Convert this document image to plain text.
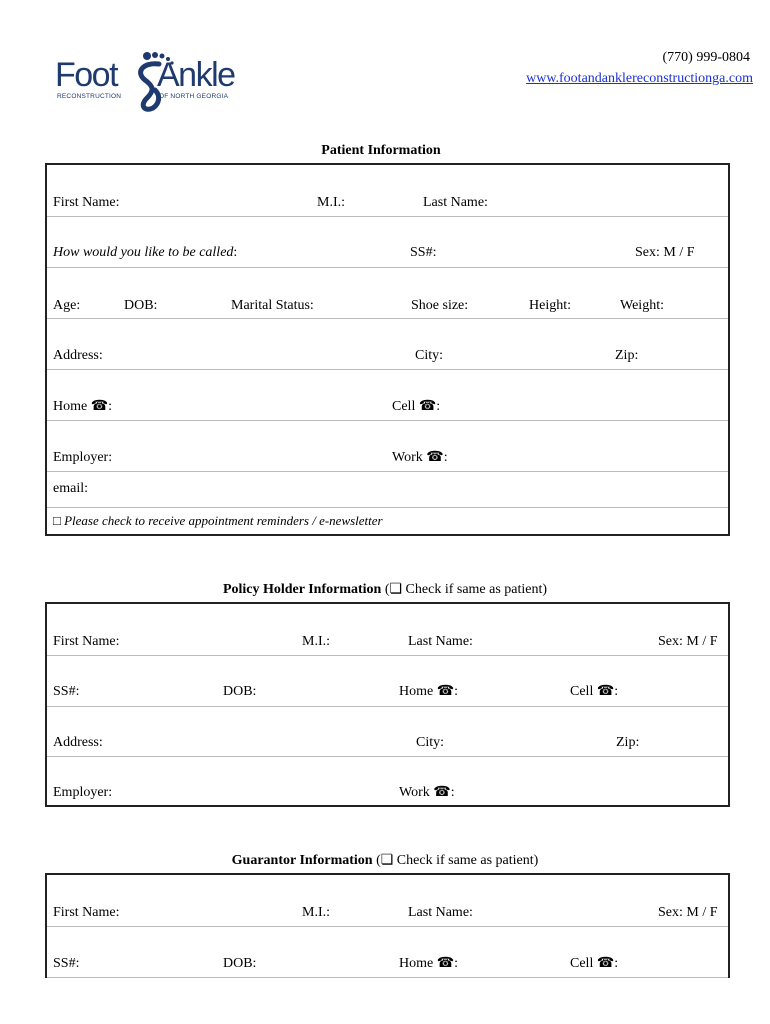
Foot Ankle
RECONSTRUCTION	OF NORTH GEORGIA
(770) 999-0804
www.footandanklereconstructionga.com
Patient Information
First Name:	M.I.:	Last Name:
How would you like to be called:	SS#:	Sex: M / F
Age:	DOB:	Marital Status:	Shoe size:	Height:	Weight:
Address:	City:	Zip:
Home ☎:	Cell ☎:
Employer:	Work ☎:
email:
□ Please check to receive appointment reminders / e-newsletter
Policy Holder Information (❏ Check if same as patient)
First Name:	M.I.:	Last Name:	Sex: M / F
SS#:	DOB:	Home ☎:	Cell ☎:
Address:	City:	Zip:
Employer:	Work ☎:
Guarantor Information (❏ Check if same as patient)
First Name:	M.I.:	Last Name:	Sex: M / F
SS#:	DOB:	Home ☎:	Cell ☎:
